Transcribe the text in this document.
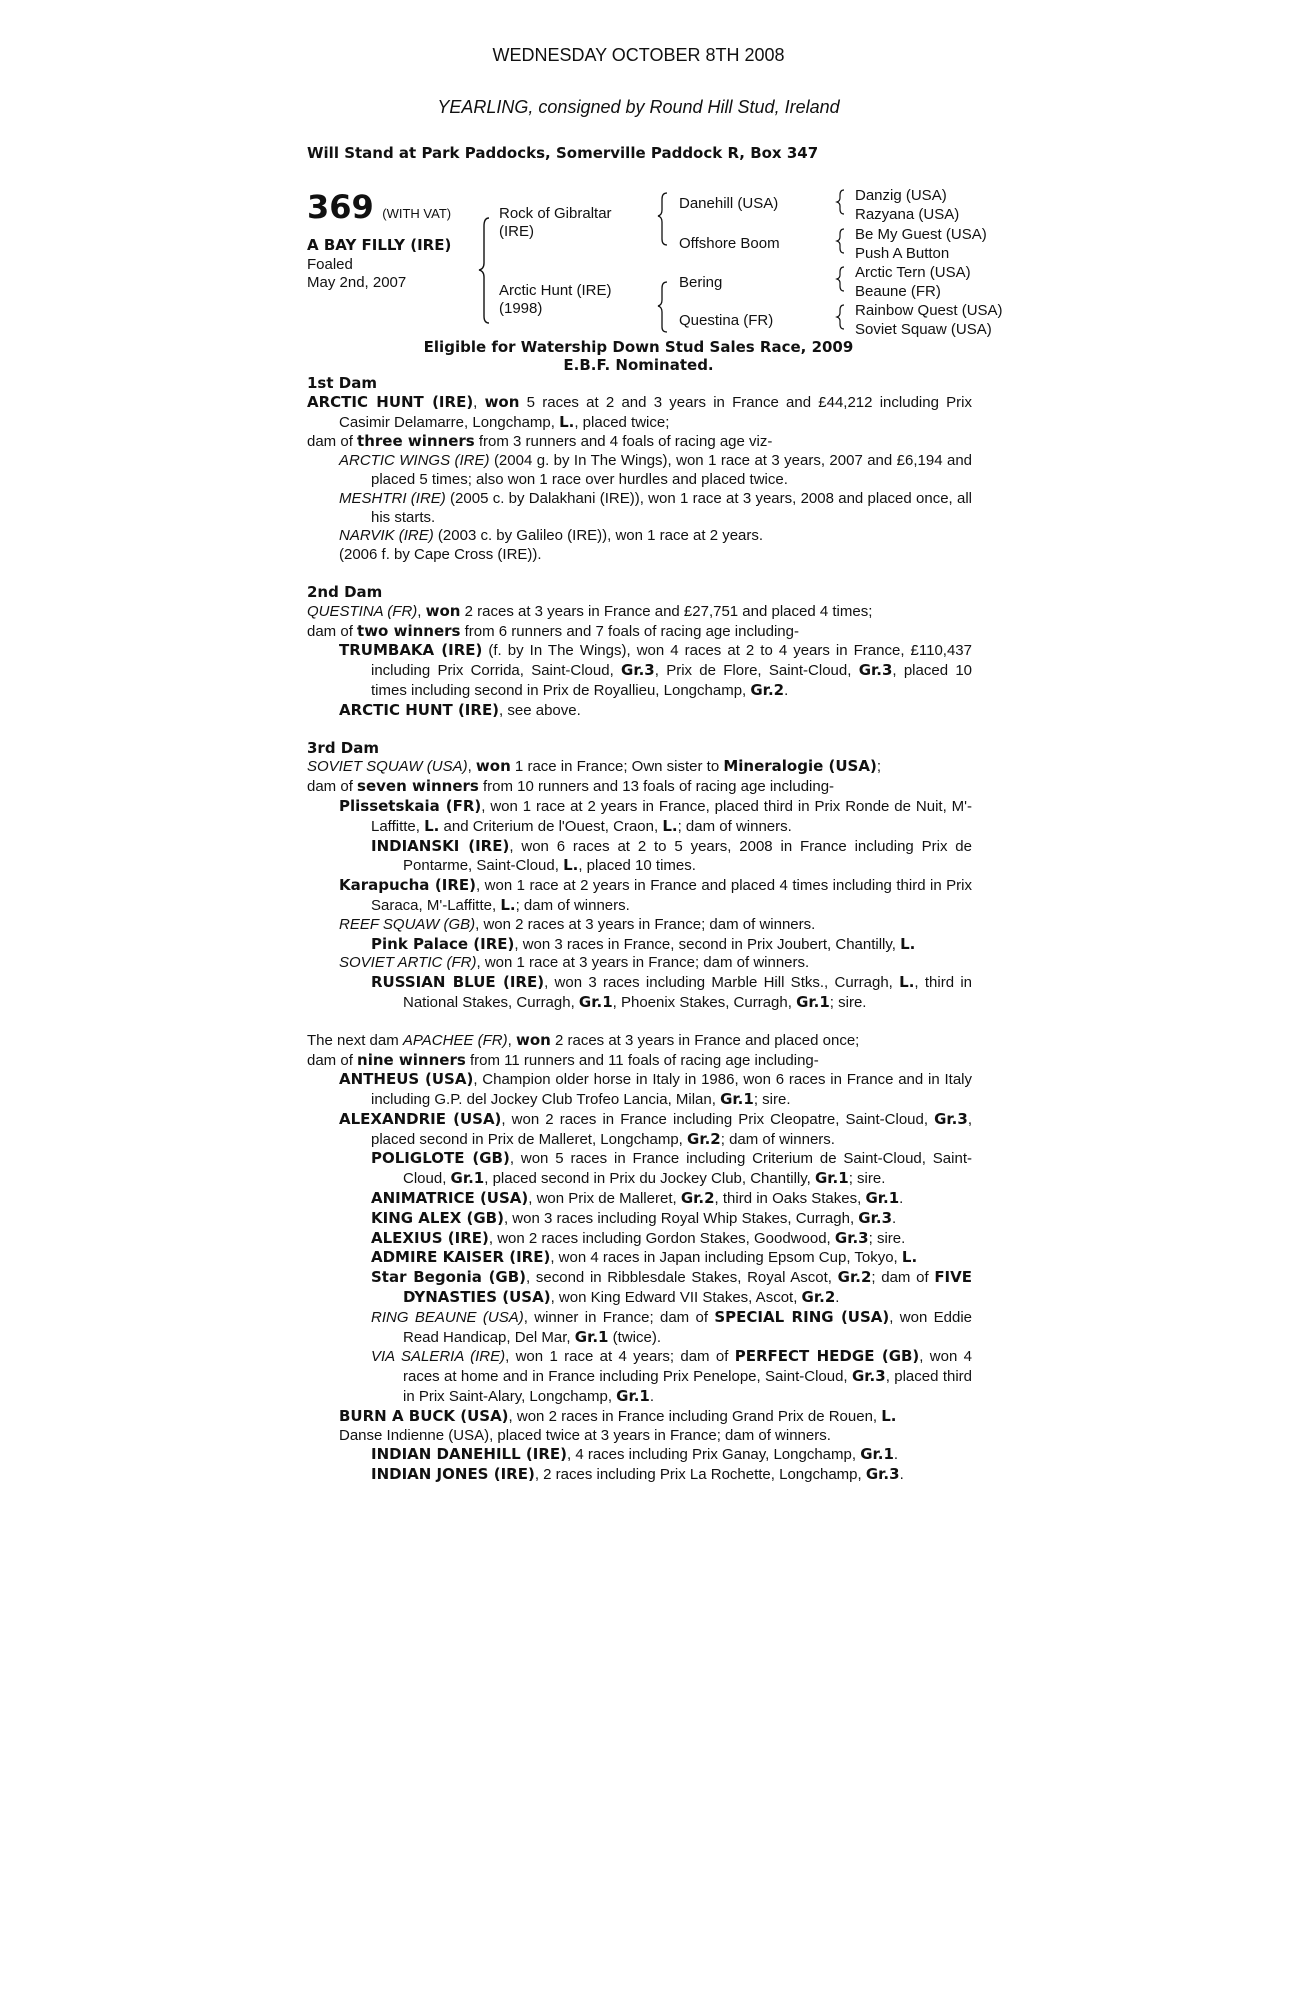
WEDNESDAY OCTOBER 8TH 2008
YEARLING, consigned by Round Hill Stud, Ireland
Will Stand at Park Paddocks, Somerville Paddock R, Box 347
369 (WITH VAT)
A BAY FILLY (IRE)
Foaled
May 2nd, 2007
Rock of Gibraltar
(IRE)
Arctic Hunt (IRE)
(1998)
Danehill (USA)
Offshore Boom
Bering
Questina (FR)
Danzig (USA)
Razyana (USA)
Be My Guest (USA)
Push A Button
Arctic Tern (USA)
Beaune (FR)
Rainbow Quest (USA)
Soviet Squaw (USA)
Eligible for Watership Down Stud Sales Race, 2009
E.B.F. Nominated.
1st Dam
ARCTIC HUNT (IRE), won 5 races at 2 and 3 years in France and £44,212 including Prix Casimir Delamarre, Longchamp, L., placed twice;
dam of three winners from 3 runners and 4 foals of racing age viz-
ARCTIC WINGS (IRE) (2004 g. by In The Wings), won 1 race at 3 years, 2007 and £6,194 and placed 5 times; also won 1 race over hurdles and placed twice.
MESHTRI (IRE) (2005 c. by Dalakhani (IRE)), won 1 race at 3 years, 2008 and placed once, all his starts.
NARVIK (IRE) (2003 c. by Galileo (IRE)), won 1 race at 2 years.
(2006 f. by Cape Cross (IRE)).
2nd Dam
QUESTINA (FR), won 2 races at 3 years in France and £27,751 and placed 4 times;
dam of two winners from 6 runners and 7 foals of racing age including-
TRUMBAKA (IRE) (f. by In The Wings), won 4 races at 2 to 4 years in France, £110,437 including Prix Corrida, Saint-Cloud, Gr.3, Prix de Flore, Saint-Cloud, Gr.3, placed 10 times including second in Prix de Royallieu, Longchamp, Gr.2.
ARCTIC HUNT (IRE), see above.
3rd Dam
SOVIET SQUAW (USA), won 1 race in France; Own sister to Mineralogie (USA);
dam of seven winners from 10 runners and 13 foals of racing age including-
Plissetskaia (FR), won 1 race at 2 years in France, placed third in Prix Ronde de Nuit, M'-Laffitte, L. and Criterium de l'Ouest, Craon, L.; dam of winners.
INDIANSKI (IRE), won 6 races at 2 to 5 years, 2008 in France including Prix de Pontarme, Saint-Cloud, L., placed 10 times.
Karapucha (IRE), won 1 race at 2 years in France and placed 4 times including third in Prix Saraca, M'-Laffitte, L.; dam of winners.
REEF SQUAW (GB), won 2 races at 3 years in France; dam of winners.
Pink Palace (IRE), won 3 races in France, second in Prix Joubert, Chantilly, L.
SOVIET ARTIC (FR), won 1 race at 3 years in France; dam of winners.
RUSSIAN BLUE (IRE), won 3 races including Marble Hill Stks., Curragh, L., third in National Stakes, Curragh, Gr.1, Phoenix Stakes, Curragh, Gr.1; sire.
The next dam APACHEE (FR), won 2 races at 3 years in France and placed once;
dam of nine winners from 11 runners and 11 foals of racing age including-
ANTHEUS (USA), Champion older horse in Italy in 1986, won 6 races in France and in Italy including G.P. del Jockey Club Trofeo Lancia, Milan, Gr.1; sire.
ALEXANDRIE (USA), won 2 races in France including Prix Cleopatre, Saint-Cloud, Gr.3, placed second in Prix de Malleret, Longchamp, Gr.2; dam of winners.
POLIGLOTE (GB), won 5 races in France including Criterium de Saint-Cloud, Saint-Cloud, Gr.1, placed second in Prix du Jockey Club, Chantilly, Gr.1; sire.
ANIMATRICE (USA), won Prix de Malleret, Gr.2, third in Oaks Stakes, Gr.1.
KING ALEX (GB), won 3 races including Royal Whip Stakes, Curragh, Gr.3.
ALEXIUS (IRE), won 2 races including Gordon Stakes, Goodwood, Gr.3; sire.
ADMIRE KAISER (IRE), won 4 races in Japan including Epsom Cup, Tokyo, L.
Star Begonia (GB), second in Ribblesdale Stakes, Royal Ascot, Gr.2; dam of FIVE DYNASTIES (USA), won King Edward VII Stakes, Ascot, Gr.2.
RING BEAUNE (USA), winner in France; dam of SPECIAL RING (USA), won Eddie Read Handicap, Del Mar, Gr.1 (twice).
VIA SALERIA (IRE), won 1 race at 4 years; dam of PERFECT HEDGE (GB), won 4 races at home and in France including Prix Penelope, Saint-Cloud, Gr.3, placed third in Prix Saint-Alary, Longchamp, Gr.1.
BURN A BUCK (USA), won 2 races in France including Grand Prix de Rouen, L.
Danse Indienne (USA), placed twice at 3 years in France; dam of winners.
INDIAN DANEHILL (IRE), 4 races including Prix Ganay, Longchamp, Gr.1.
INDIAN JONES (IRE), 2 races including Prix La Rochette, Longchamp, Gr.3.
